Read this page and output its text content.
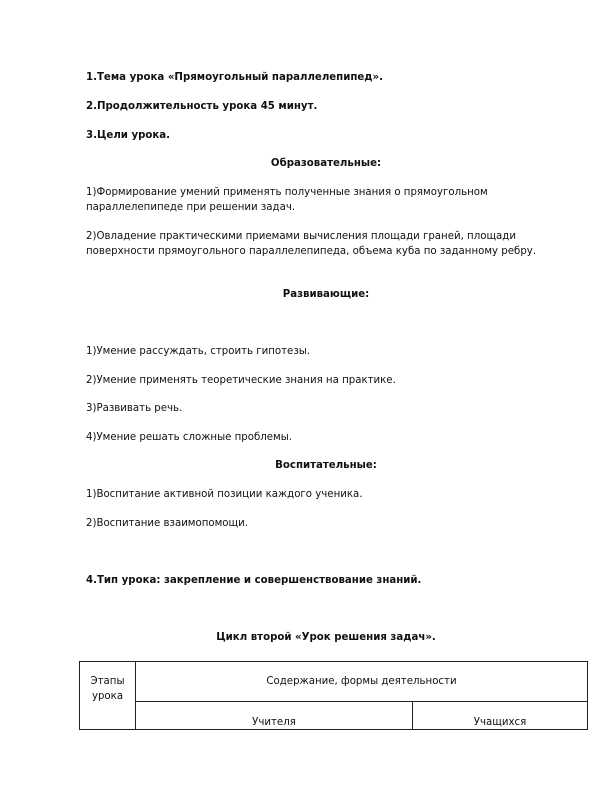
1.Тема урока «Прямоугольный параллелепипед».

2.Продолжительность урока 45 минут.

3.Цели урока.

Образовательные:

1)Формирование умений применять полученные знания о прямоугольном параллелепипеде при решении задач.

2)Овладение практическими приемами вычисления площади граней, площади поверхности прямоугольного параллелепипеда, объема куба по заданному ребру.

Развивающие:

1)Умение рассуждать, строить гипотезы.

2)Умение применять теоретические знания на практике.

3)Развивать речь.

4)Умение решать сложные проблемы.

Воспитательные:

1)Воспитание активной позиции каждого ученика.

2)Воспитание взаимопомощи.

4.Тип урока: закрепление и совершенствование знаний.

Цикл второй «Урок решения задач».

Этапы урока	Содержание, формы деятельности	
	Учителя	Учащихся
